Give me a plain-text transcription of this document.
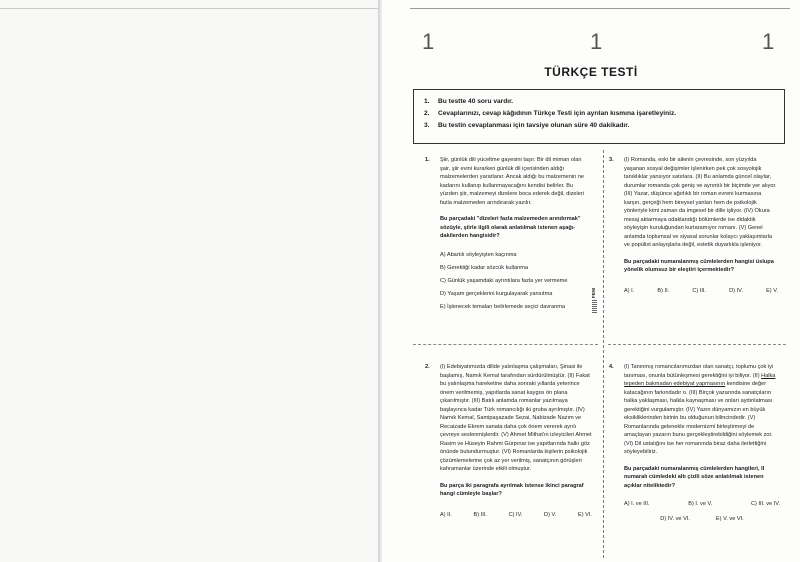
1	1	1
TÜRKÇE TESTİ
1. Bu testte 40 soru vardır.
2. Cevaplarınızı, cevap kâğıdının Türkçe Testi için ayrılan kısmına işaretleyiniz.
3. Bu testin cevaplanması için tavsiye olunan süre 40 dakikadır.
FEM
1. Şiir, günlük dili yüceltme gayesini taşır. Bir dil miman olan şair, şiir evini kurarken günlük dil içerisinden aldığı malzemelerden yararlanır. Ancak aldığı bu malzemenin ne kadarını kullanıp kullanmayacağını kendisi belirler. Bu yüzden şiir, malzemeyi dizelere boca ederek değil, dizeleri fazla malzemeden arındırarak yazılır.

Bu parçadaki "dizeleri fazla malzemeden arındırmak" sözüyle, şiirle ilgili olarak anlatılmak istenen aşağıdakilerden hangisidir?

A) Abartılı söyleyişten kaçınma
B) Gerektiği kadar sözcük kullanma
C) Günlük yaşamdaki ayrıntılara fazla yer vermeme
D) Yaşam gerçeklerini kurgulayarak yansıtma
E) İşlenecek temaları belirlemede seçici davranma
3. (I) Romanda, eski bir ailenin çevresinde, son yüzyılda yaşanan sosyal değişimler işlenirken pek çok sosyolojik tanıklıklar yansıyor satırlara. (II) Bu anlamda güncel olaylar, durumlar romanda çok geniş ve ayrıntılı bir biçimde yer alıyor. (III) Yazar, düşünce ağırlıklı bir roman evreni kurmasına karşın, gerçeği hem bireysel yanları hem de psikolojik yönleriyle kimi zaman da imgesel bir dille işliyor. (IV) Okura mesaj aktarmaya odaklandığı bölümlerde ise didaktik söyleyişin kuruluğundan kurtaramıyor romanı. (V) Genel anlamda toplumsal ve siyasal sorunlar kolaycı yaklaşımlarla ve popülist anlayışlarla değil, estetik duyarlıkla işleniyor.

Bu parçadaki numaralanmış cümlelerden hangisi üslupa yönelik olumsuz bir eleştiri içermektedir?

A) I.	B) II.	C) III.	D) IV.	E) V.
2. (I) Edebiyatımızda dilide yalınlaşma çalışmaları, Şinasi ile başlamış, Namık Kemal tarafından sürdürülmüştür. (II) Fakat bu yalınlaşma hareketine daha sonraki yıllarda yeterince önem verilmemiş, yapıtlarda sanat kaygısı ön plana çıkarılmıştır. (III) Batılı anlamda romanlar yazılmaya başlayınca kadar Türk romancılığı iki gruba ayrılmıştır. (IV) Namık Kemal, Samipaşazade Sezai, Nabizade Nazım ve Recaizade Ekrem sanata daha çok önem vererek ayrılı çevreye seslenmişlerdir. (V) Ahmet Mithat'ın izleyicileri Ahmet Rasim ve Hüseyin Rahmi Gürpınar ise yapıtlarında halkı göz önünde bulundurmuştur. (VI) Romanlarda kişilerin psikolojik çözümlemelerine çok az yer verilmiş, sanatçının görüşleri kahramanlar üzerinde etkili olmuştur.

Bu parça iki paragrafa ayrılmak istense ikinci paragraf hangi cümleyle başlar?

A) II.	B) III.	C) IV.	D) V.	E) VI.
4. (I) Tanınmış romancılarımızdan olan sanatçı, toplumu çok iyi tanıması, onunla bütünleşmesi gerektiğini iyi biliyor. (II) Halka tepeden bakmadan edebiyat yapmasının kendisine değer katacağının farkındadır o. (III) Birçok yazarında sanatçıların halka yaklaşması, halkla kaynaşması ve onları aydınlatması gerektiğini vurgulamıştır. (IV) Yazın dünyamızın en büyük eksikliklerinden birinin bu olduğunun bilincindedir. (V) Romanlarında gelenekle modernizmi birleştirmeyi de amaçlayan yazarın bunu gerçekleştirebildiğini söylemek zor. (VI) Dil ustalığını ise her romanında biraz daha ilerlettiğini söyleyebiliriz.

Bu parçadaki numaralanmış cümlelerden hangileri, II numaralı cümledeki altı çizili söze anlatılmak istenen açıklar niteliktedir?

A) I. ve III.	B) I. ve V.	C) III. ve IV.
D) IV. ve VI.	E) V. ve VI.
